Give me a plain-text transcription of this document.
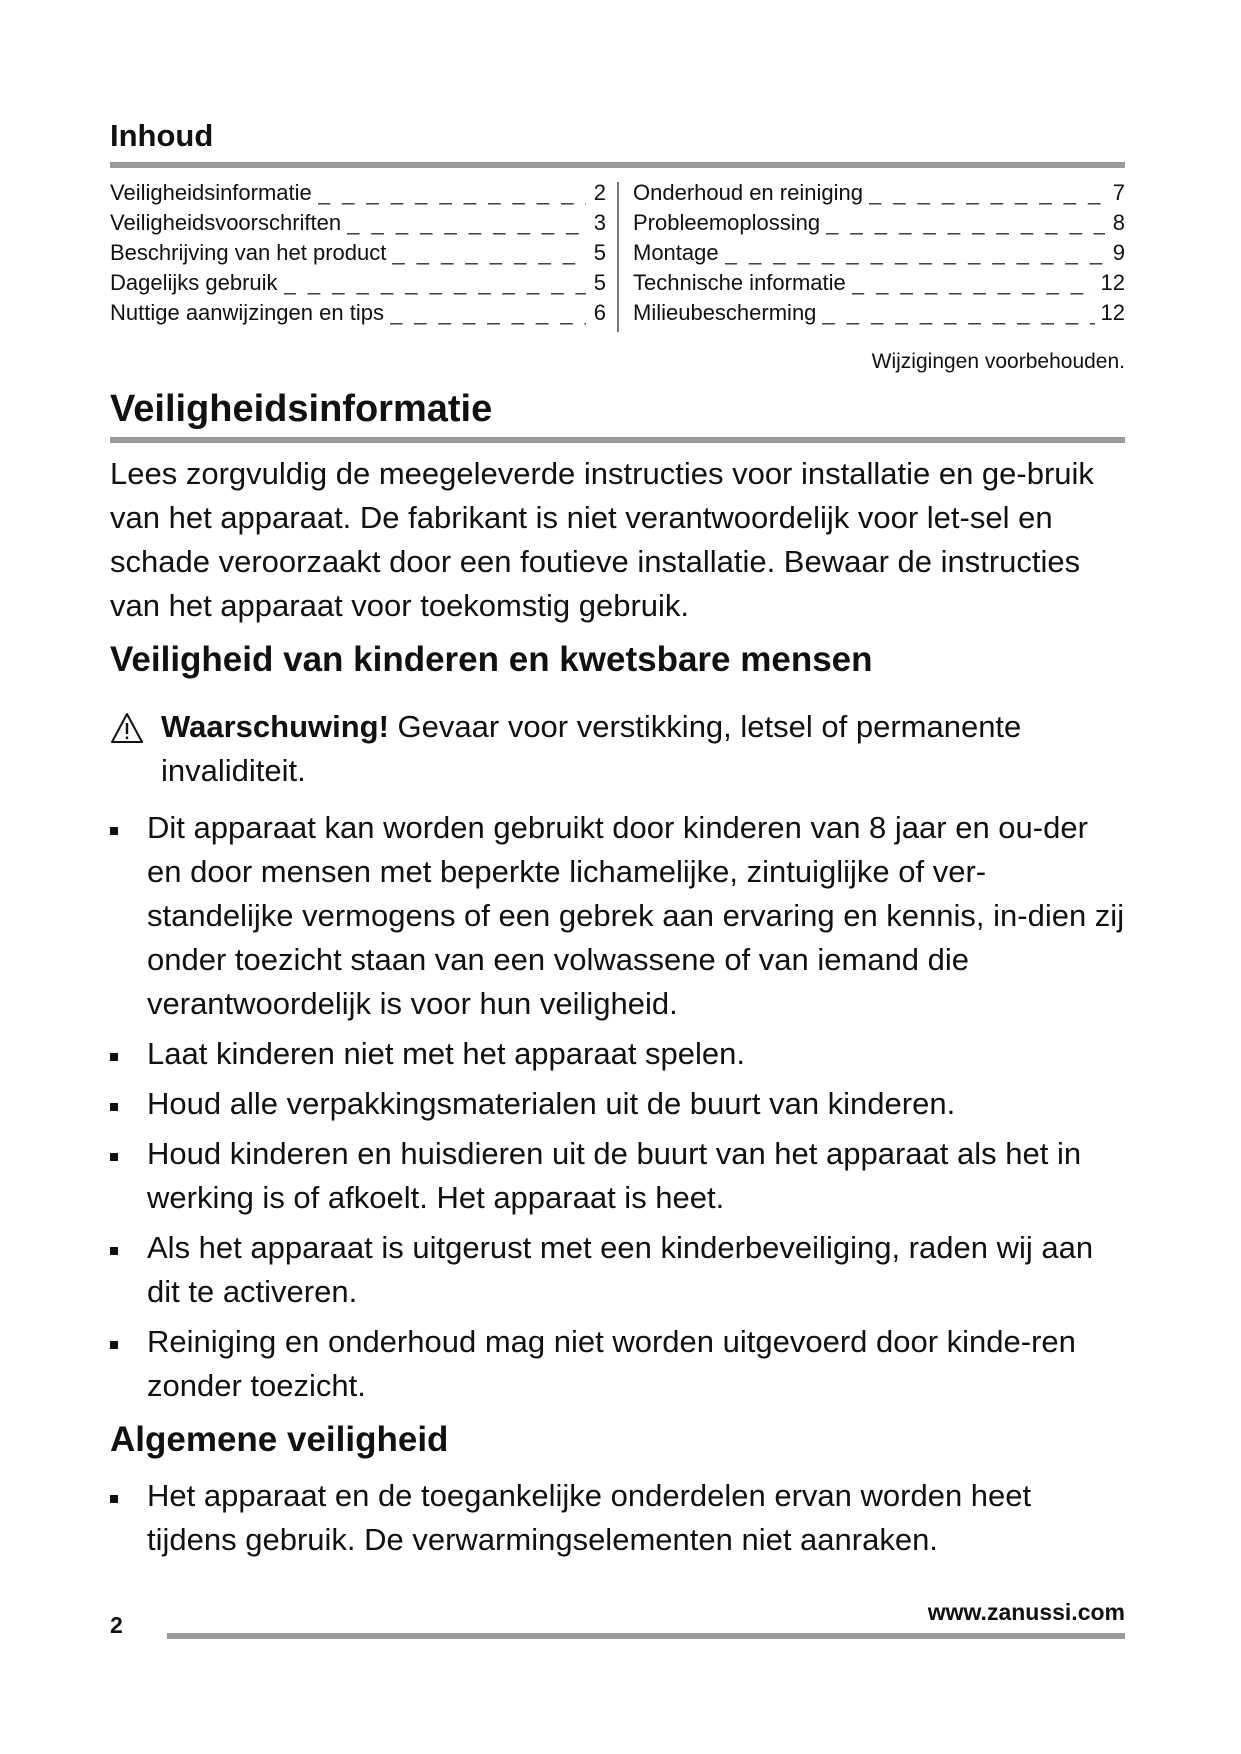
Inhoud
Veiligheidsinformatie _ _ _	2
Veiligheidsvoorschriften _ _ _	3
Beschrijving van het product _ _ _	5
Dagelijks gebruik _ _ _	5
Nuttige aanwijzingen en tips _ _ _	6
Onderhoud en reiniging _ _ _	7
Probleemoplossing _ _ _	8
Montage _ _ _	9
Technische informatie _ _ _	12
Milieubescherming _ _ _	12

Wijzigingen voorbehouden.

Veiligheidsinformatie

Lees zorgvuldig de meegeleverde instructies voor installatie en ge-bruik van het apparaat. De fabrikant is niet verantwoordelijk voor let-sel en schade veroorzaakt door een foutieve installatie. Bewaar de instructies van het apparaat voor toekomstig gebruik.

Veiligheid van kinderen en kwetsbare mensen
Waarschuwing! Gevaar voor verstikking, letsel of permanente invaliditeit.
Dit apparaat kan worden gebruikt door kinderen van 8 jaar en ou-der en door mensen met beperkte lichamelijke, zintuiglijke of ver-standelijke vermogens of een gebrek aan ervaring en kennis, in-dien zij onder toezicht staan van een volwassene of van iemand die verantwoordelijk is voor hun veiligheid.
Laat kinderen niet met het apparaat spelen.
Houd alle verpakkingsmaterialen uit de buurt van kinderen.
Houd kinderen en huisdieren uit de buurt van het apparaat als het in werking is of afkoelt. Het apparaat is heet.
Als het apparaat is uitgerust met een kinderbeveiliging, raden wij aan dit te activeren.
Reiniging en onderhoud mag niet worden uitgevoerd door kinde-ren zonder toezicht.
Algemene veiligheid
Het apparaat en de toegankelijke onderdelen ervan worden heet tijdens gebruik. De verwarmingselementen niet aanraken.

2	www.zanussi.com
